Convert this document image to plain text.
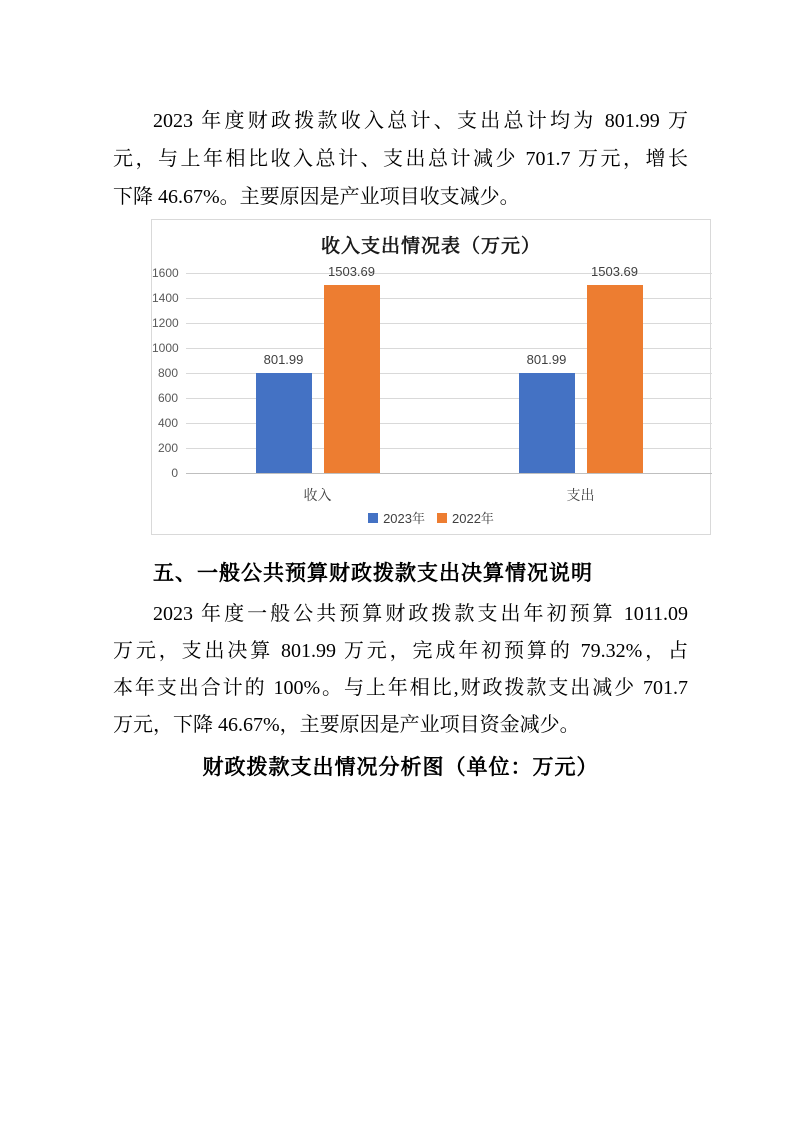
2023 年度财政拨款收入总计、支出总计均为 801.99 万
元，与上年相比收入总计、支出总计减少 701.7 万元，增长
下降 46.67%。主要原因是产业项目收支减少。
收入支出情况表（万元）
0
200
400
600
800
1000
1200
1400
1600
801.99
1503.69
收入
801.99
1503.69
支出
2023年 2022年
五、一般公共预算财政拨款支出决算情况说明
2023 年度一般公共预算财政拨款支出年初预算 1011.09
万元，支出决算 801.99 万元，完成年初预算的 79.32%，占
本年支出合计的 100%。与上年相比,财政拨款支出减少 701.7
万元，下降 46.67%，主要原因是产业项目资金减少。
财政拨款支出情况分析图（单位：万元）
